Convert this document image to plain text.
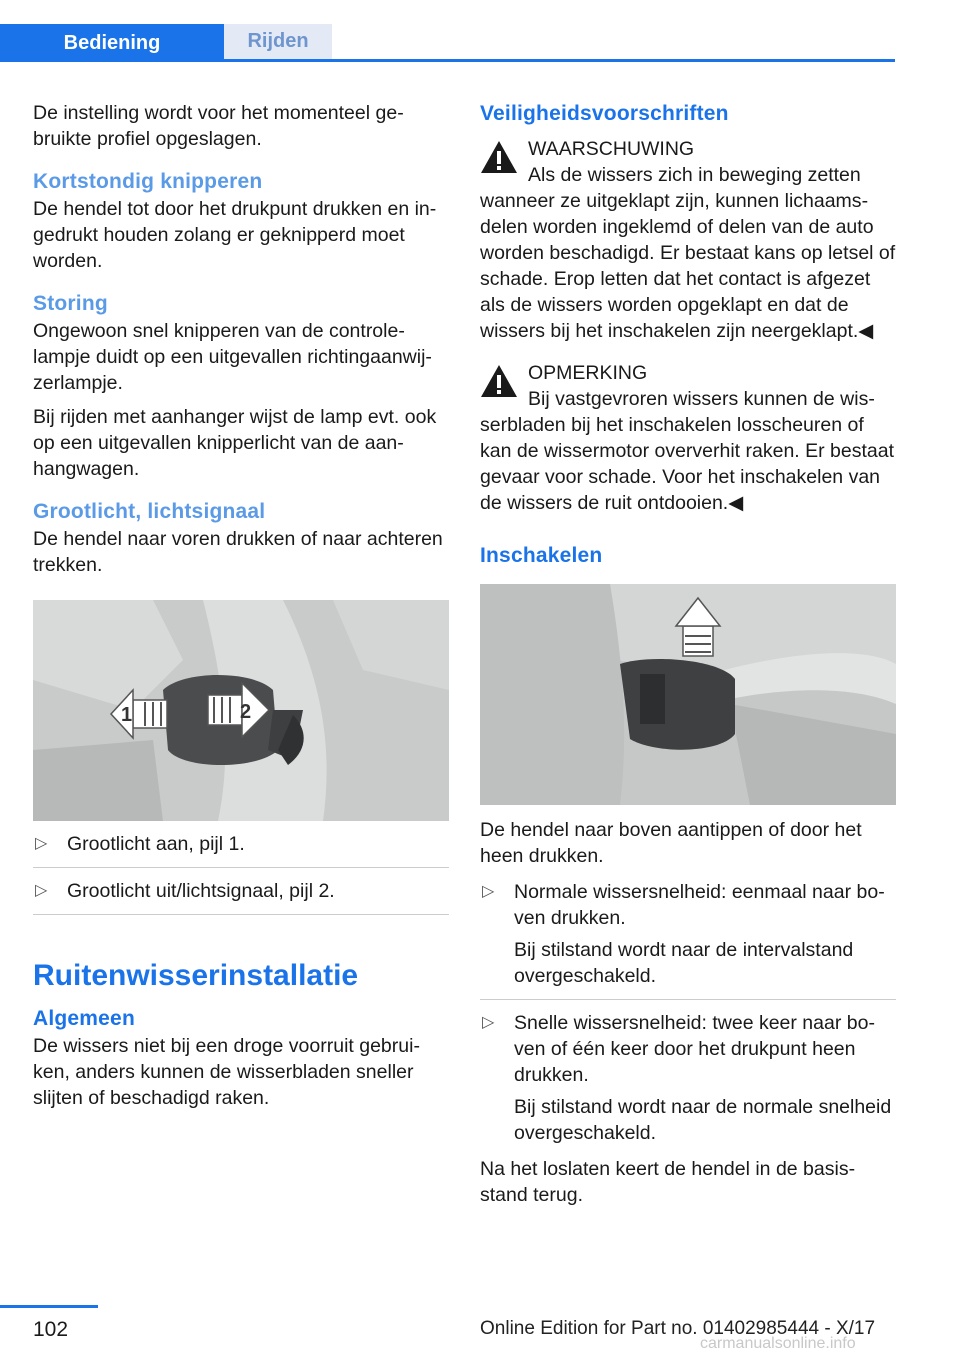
Bediening	Rijden

De instelling wordt voor het momenteel gebruikte profiel opgeslagen.

Kortstondig knipperen

De hendel tot door het drukpunt drukken en ingedrukt houden zolang er geknipperd moet worden.

Storing

Ongewoon snel knipperen van de controlelampje duidt op een uitgevallen richtingaanwijzerlampje.

Bij rijden met aanhanger wijst de lamp evt. ook op een uitgevallen knipperlicht van de aanhangwagen.

Grootlicht, lichtsignaal

De hendel naar voren drukken of naar achteren trekken.

1	2
▷ Grootlicht aan, pijl 1.
▷ Grootlicht uit/lichtsignaal, pijl 2.
Ruitenwisserinstallatie
Algemeen

De wissers niet bij een droge voorruit gebruiken, anders kunnen de wisserbladen sneller slijten of beschadigd raken.

Veiligheidsvoorschriften
WAARSCHUWING

Als de wissers zich in beweging zetten wanneer ze uitgeklapt zijn, kunnen lichaamsdelen worden ingeklemd of delen van de auto worden beschadigd. Er bestaat kans op letsel of schade. Erop letten dat het contact is afgezet als de wissers worden opgeklapt en dat de wissers bij het inschakelen zijn neergeklapt.◀

OPMERKING

Bij vastgevroren wissers kunnen de wisserbladen bij het inschakelen losscheuren of kan de wissermotor oververhit raken. Er bestaat gevaar voor schade. Voor het inschakelen van de wissers de ruit ontdooien.◀

Inschakelen

De hendel naar boven aantippen of door het heen drukken.

▷ Normale wissersnelheid: eenmaal naar boven drukken.
Bij stilstand wordt naar de intervalstand overgeschakeld.
▷ Snelle wissersnelheid: twee keer naar boven of één keer door het drukpunt heen drukken.
Bij stilstand wordt naar de normale snelheid overgeschakeld.

Na het loslaten keert de hendel in de basisstand terug.

102	Online Edition for Part no. 01402985444 - X/17
carmanualsonline.info
